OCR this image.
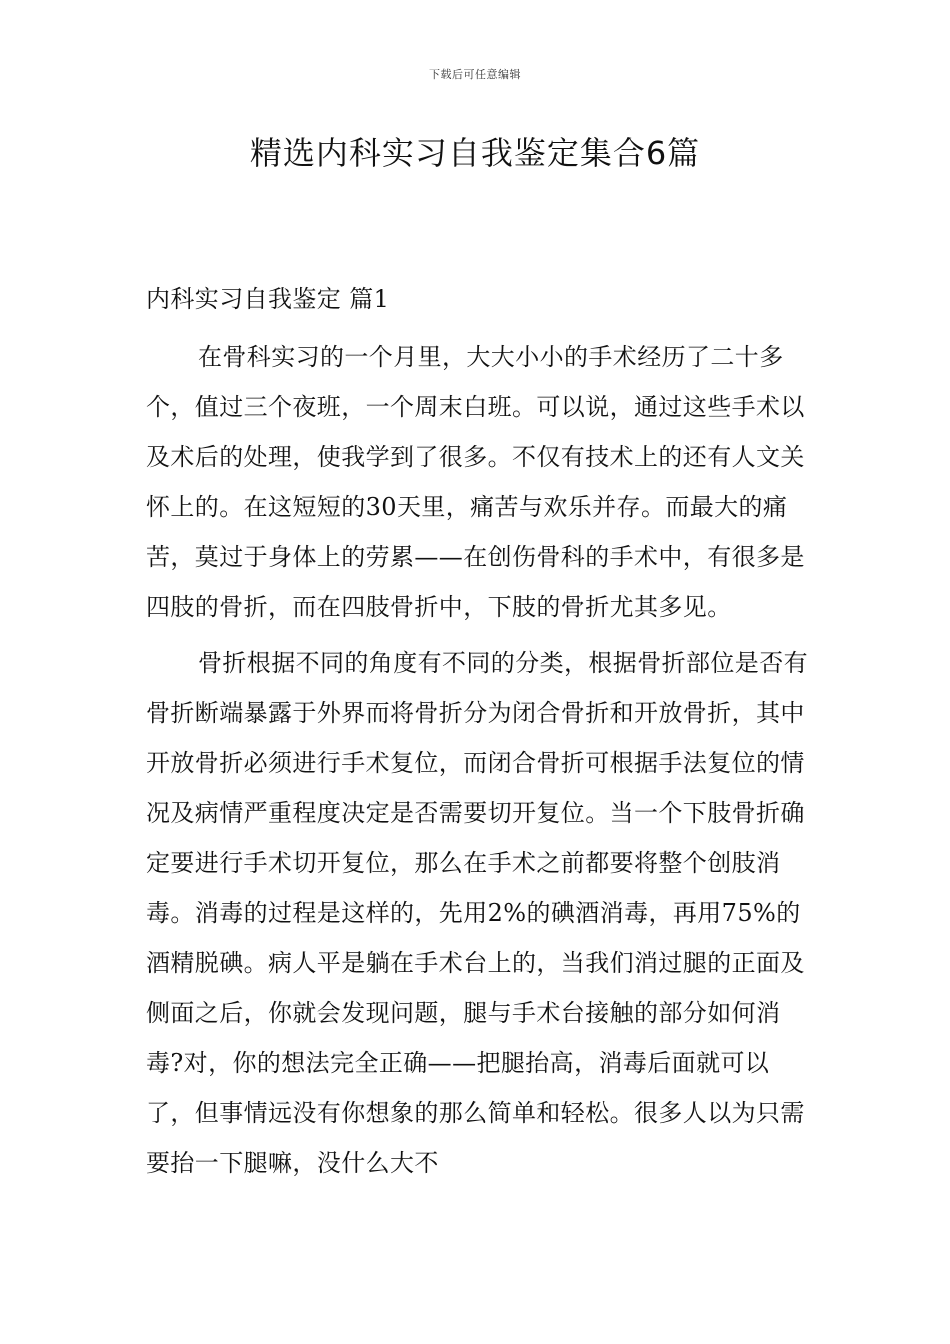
下载后可任意编辑
精选内科实习自我鉴定集合6篇
内科实习自我鉴定 篇1

在骨科实习的一个月里，大大小小的手术经历了二十多个，值过三个夜班，一个周末白班。可以说，通过这些手术以及术后的处理，使我学到了很多。不仅有技术上的还有人文关怀上的。在这短短的30天里，痛苦与欢乐并存。而最大的痛苦，莫过于身体上的劳累——在创伤骨科的手术中，有很多是四肢的骨折，而在四肢骨折中，下肢的骨折尤其多见。

骨折根据不同的角度有不同的分类，根据骨折部位是否有骨折断端暴露于外界而将骨折分为闭合骨折和开放骨折，其中开放骨折必须进行手术复位，而闭合骨折可根据手法复位的情况及病情严重程度决定是否需要切开复位。当一个下肢骨折确定要进行手术切开复位，那么在手术之前都要将整个创肢消毒。消毒的过程是这样的，先用2%的碘酒消毒，再用75%的酒精脱碘。病人平是躺在手术台上的，当我们消过腿的正面及侧面之后，你就会发现问题，腿与手术台接触的部分如何消毒?对，你的想法完全正确——把腿抬高，消毒后面就可以了，但事情远没有你想象的那么简单和轻松。很多人以为只需要抬一下腿嘛，没什么大不
